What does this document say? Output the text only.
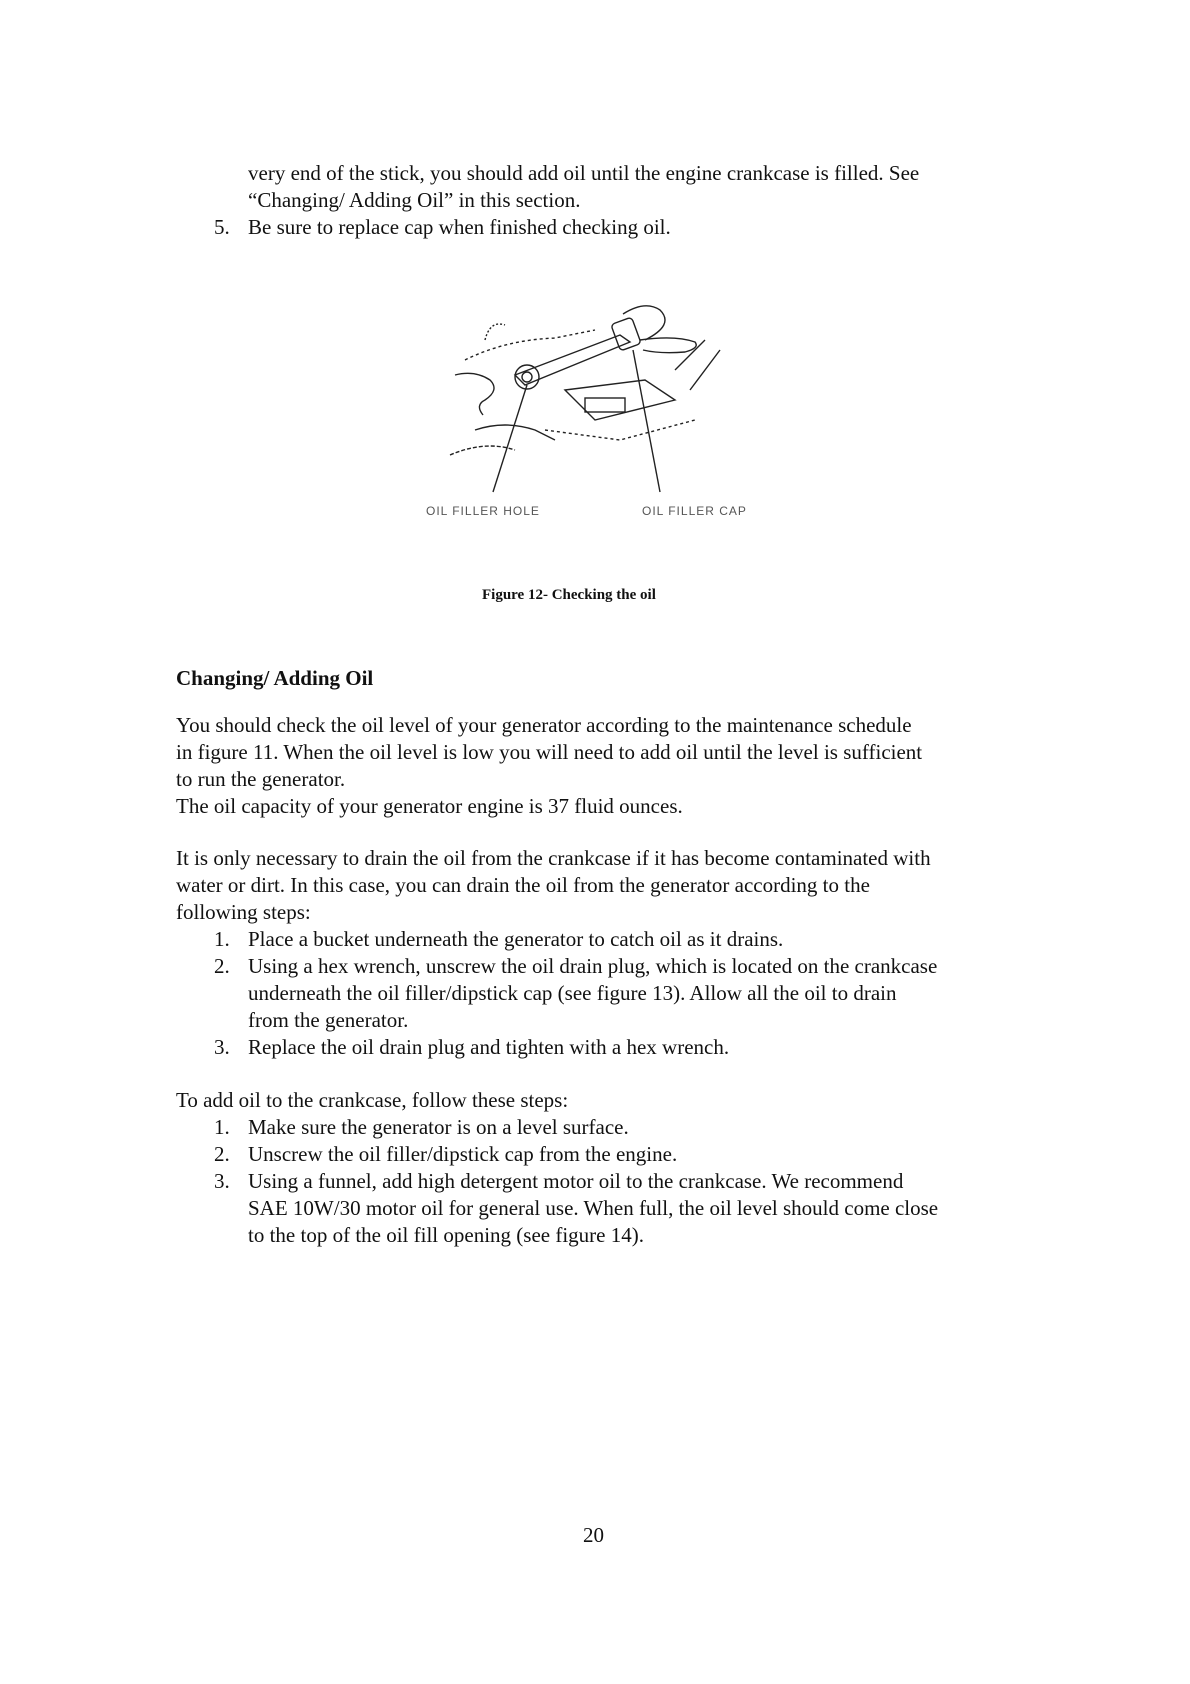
very end of the stick, you should add oil until the engine crankcase is filled. See
“Changing/ Adding Oil” in this section.
5. Be sure to replace cap when finished checking oil.
OIL FILLER HOLE	OIL FILLER CAP
Figure 12- Checking the oil
Changing/ Adding Oil
You should check the oil level of your generator according to the maintenance schedule
in figure 11. When the oil level is low you will need to add oil until the level is sufficient
to run the generator.
The oil capacity of your generator engine is 37 fluid ounces.
It is only necessary to drain the oil from the crankcase if it has become contaminated with
water or dirt. In this case, you can drain the oil from the generator according to the
following steps:
1. Place a bucket underneath the generator to catch oil as it drains.
2. Using a hex wrench, unscrew the oil drain plug, which is located on the crankcase
underneath the oil filler/dipstick cap (see figure 13). Allow all the oil to drain
from the generator.
3. Replace the oil drain plug and tighten with a hex wrench.
To add oil to the crankcase, follow these steps:
1. Make sure the generator is on a level surface.
2. Unscrew the oil filler/dipstick cap from the engine.
3. Using a funnel, add high detergent motor oil to the crankcase. We recommend
SAE 10W/30 motor oil for general use. When full, the oil level should come close
to the top of the oil fill opening (see figure 14).
20
